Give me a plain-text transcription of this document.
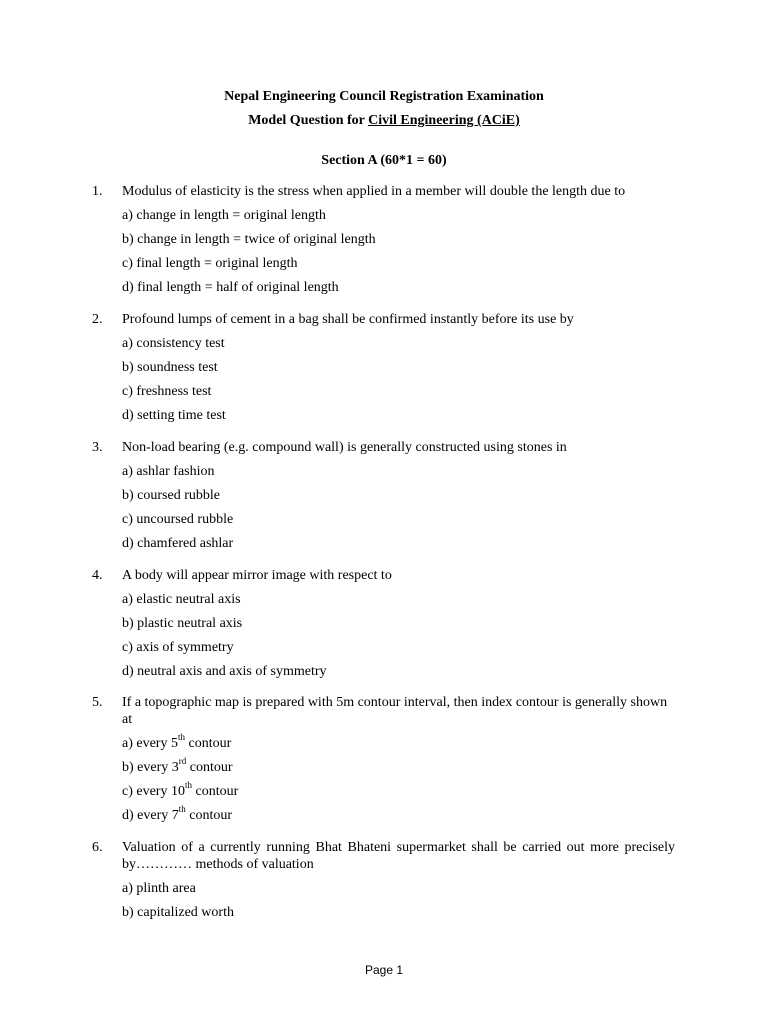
Nepal Engineering Council Registration Examination
Model Question for Civil Engineering (ACiE)
Section A (60*1 = 60)
1. Modulus of elasticity is the stress when applied in a member will double the length due to
a) change in length = original length
b) change in length = twice of original length
c) final length = original length
d) final length = half of original length
2. Profound lumps of cement in a bag shall be confirmed instantly before its use by
a) consistency test
b) soundness test
c) freshness test
d) setting time test
3. Non-load bearing (e.g. compound wall) is generally constructed using stones in
a) ashlar fashion
b) coursed rubble
c) uncoursed rubble
d) chamfered ashlar
4. A body will appear mirror image with respect to
a) elastic neutral axis
b) plastic neutral axis
c) axis of symmetry
d) neutral axis and axis of symmetry
5. If a topographic map is prepared with 5m contour interval, then index contour is generally shown at
a) every 5th contour
b) every 3rd contour
c) every 10th contour
d) every 7th contour
6. Valuation of a currently running Bhat Bhateni supermarket shall be carried out more precisely by………… methods of valuation
a) plinth area
b) capitalized worth
Page 1
